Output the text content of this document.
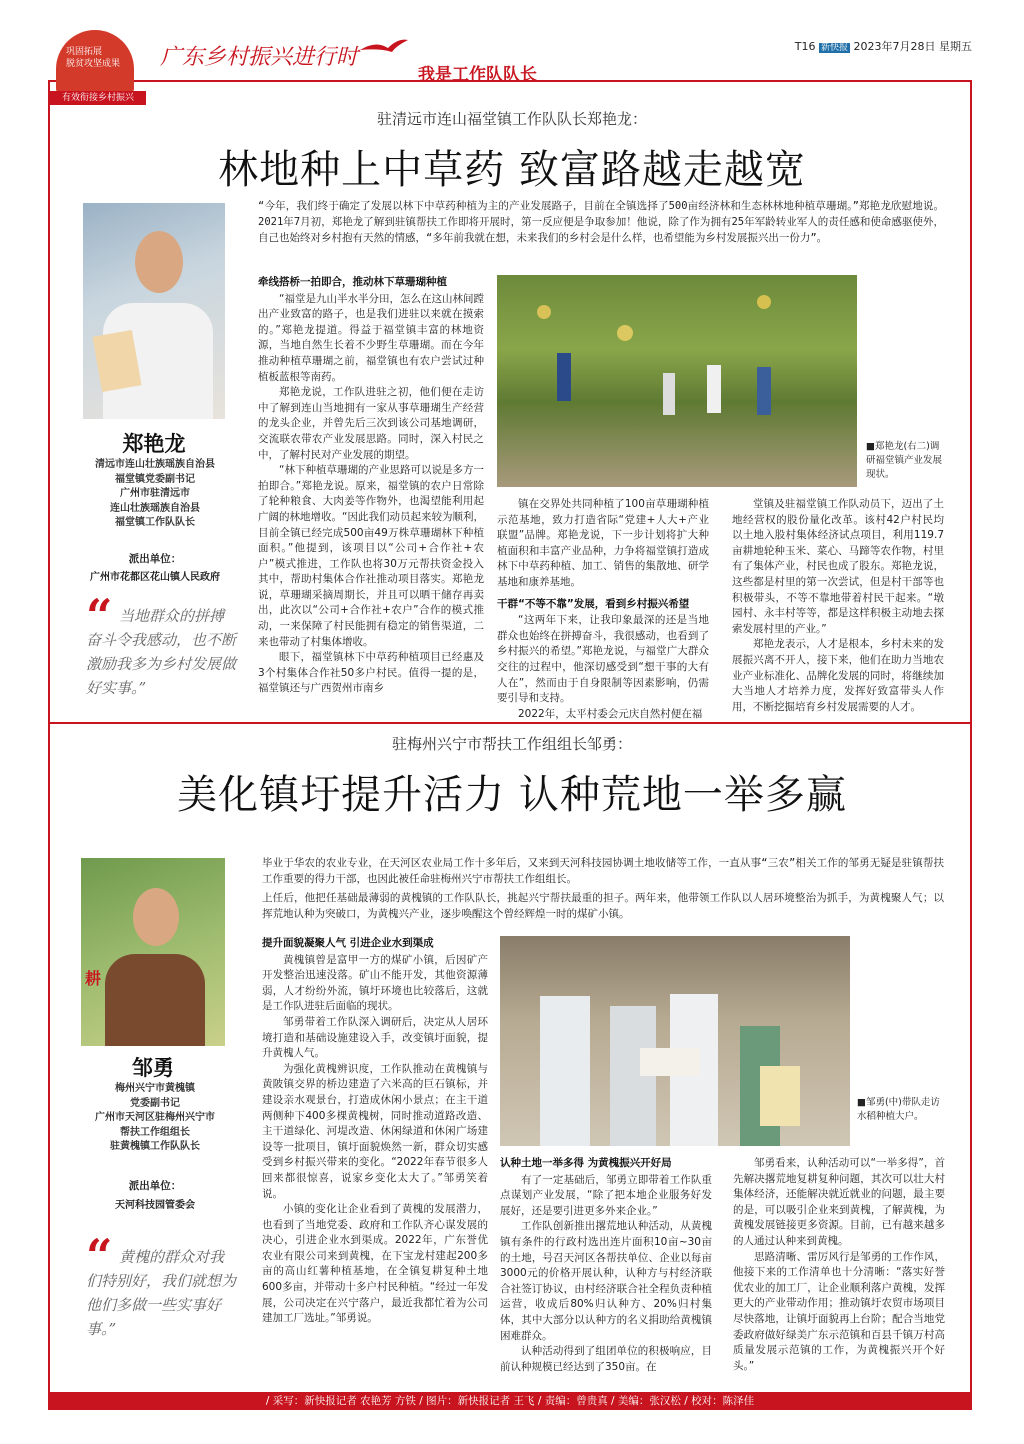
巩固拓展
脱贫攻坚成果
有效衔接乡村振兴
广东乡村振兴进行时
我是工作队队长
T16 新快报 2023年7月28日 星期五
驻清远市连山福堂镇工作队队长郑艳龙：
林地种上中草药 致富路越走越宽
郑艳龙
清远市连山壮族瑶族自治县
福堂镇党委副书记
广州市驻清远市
连山壮族瑶族自治县
福堂镇工作队队长
派出单位：
广州市花都区花山镇人民政府
“ 当地群众的拼搏奋斗令我感动，也不断激励我多为乡村发展做好实事。”
“今年，我们终于确定了发展以林下中草药种植为主的产业发展路子，目前在全镇选择了500亩经济林和生态林林地种植草珊瑚。”郑艳龙欣慰地说。2021年7月初，郑艳龙了解到驻镇帮扶工作即将开展时，第一反应便是争取参加！他说，除了作为拥有25年军龄转业军人的责任感和使命感驱使外，自己也始终对乡村抱有天然的情感，“多年前我就在想，未来我们的乡村会是什么样，也希望能为乡村发展振兴出一份力”。
牵线搭桥一拍即合，推动林下草珊瑚种植

“福堂是九山半水半分田，怎么在这山林间蹚出产业致富的路子，也是我们进驻以来就在摸索的。”郑艳龙提道。得益于福堂镇丰富的林地资源，当地自然生长着不少野生草珊瑚。而在今年推动种植草珊瑚之前，福堂镇也有农户尝试过种植板蓝根等南药。

郑艳龙说，工作队进驻之初，他们便在走访中了解到连山当地拥有一家从事草珊瑚生产经营的龙头企业，并曾先后三次到该公司基地调研，交流联农带农产业发展思路。同时，深入村民之中，了解村民对产业发展的期望。

“林下种植草珊瑚的产业思路可以说是多方一拍即合。”郑艳龙说。原来，福堂镇的农户日常除了轮种粮食、大肉姜等作物外，也渴望能利用起广阔的林地增收。“因此我们动员起来较为顺利，目前全镇已经完成500亩49万株草珊瑚林下种植面积。”他提到，该项目以“公司+合作社+农户”模式推进，工作队也将30万元帮扶资金投入其中，帮助村集体合作社推动项目落实。郑艳龙说，草珊瑚采摘周期长，并且可以晒干储存再卖出，此次以“公司+合作社+农户”合作的模式推动，一来保障了村民能拥有稳定的销售渠道，二来也带动了村集体增收。

眼下，福堂镇林下中草药种植项目已经惠及3个村集体合作社50多户村民。值得一提的是，福堂镇还与广西贺州市南乡

■郑艳龙(右二)调研福堂镇产业发展现状。

镇在交界处共同种植了100亩草珊瑚种植示范基地，致力打造省际“党建+人大+产业联盟”品牌。郑艳龙说，下一步计划将扩大种植面积和丰富产业品种，力争将福堂镇打造成林下中草药种植、加工、销售的集散地、研学基地和康养基地。

干群“不等不靠”发展，看到乡村振兴希望

“这两年下来，让我印象最深的还是当地群众也始终在拼搏奋斗，我很感动，也看到了乡村振兴的希望。”郑艳龙说，与福堂广大群众交往的过程中，他深切感受到“想干事的大有人在”，然而由于自身限制等因素影响，仍需要引导和支持。

2022年，太平村委会元庆自然村便在福

堂镇及驻福堂镇工作队动员下，迈出了土地经营权的股份量化改革。该村42户村民均以土地入股村集体经济试点项目，利用119.7亩耕地轮种玉米、菜心、马蹄等农作物，村里有了集体产业，村民也成了股东。郑艳龙说，这些都是村里的第一次尝试，但是村干部等也积极带头，不等不靠地带着村民干起来。“墩园村、永丰村等等，都是这样积极主动地去探索发展村里的产业。”

郑艳龙表示，人才是根本，乡村未来的发展振兴离不开人，接下来，他们在助力当地农业产业标准化、品牌化发展的同时，将继续加大当地人才培养力度，发挥好致富带头人作用，不断挖掘培育乡村发展需要的人才。

驻梅州兴宁市帮扶工作组组长邹勇：
美化镇圩提升活力 认种荒地一举多赢
耕
邹勇
梅州兴宁市黄槐镇
党委副书记
广州市天河区驻梅州兴宁市
帮扶工作组组长
驻黄槐镇工作队队长
派出单位：
天河科技园管委会
“ 黄槐的群众对我们特别好，我们就想为他们多做一些实事好事。”
毕业于华农的农业专业，在天河区农业局工作十多年后，又来到天河科技园协调土地收储等工作，一直从事“三农”相关工作的邹勇无疑是驻镇帮扶工作重要的得力干部，也因此被任命驻梅州兴宁市帮扶工作组组长。
上任后，他把任基础最薄弱的黄槐镇的工作队队长，挑起兴宁帮扶最重的担子。两年来，他带领工作队以人居环境整治为抓手，为黄槐聚人气；以挥荒地认种为突破口，为黄槐兴产业，逐步唤醒这个曾经辉煌一时的煤矿小镇。
提升面貌凝聚人气 引进企业水到渠成

黄槐镇曾是富甲一方的煤矿小镇，后因矿产开发整治迅速没落。矿山不能开发，其他资源薄弱，人才纷纷外流，镇圩环境也比较落后，这就是工作队进驻后面临的现状。

邹勇带着工作队深入调研后，决定从人居环境打造和基础设施建设入手，改变镇圩面貌，提升黄槐人气。

为强化黄槐辨识度，工作队推动在黄槐镇与黄陂镇交界的桥边建造了六米高的巨石镇标，并建设亲水观景台，打造成休闲小景点；在主干道两侧种下400多棵黄槐树，同时推动道路改造、主干道绿化、河堤改造、休闲绿道和休闲广场建设等一批项目，镇圩面貌焕然一新，群众切实感受到乡村振兴带来的变化。“2022年春节很多人回来都很惊喜，说家乡变化太大了。”邹勇笑着说。

小镇的变化让企业看到了黄槐的发展潜力，也看到了当地党委、政府和工作队齐心谋发展的决心，引进企业水到渠成。2022年，广东誉优农业有限公司来到黄槐，在下宝龙村建起200多亩的高山红薯种植基地，在全镇复耕复种土地600多亩，并带动十多户村民种植。“经过一年发展，公司决定在兴宁落户，最近我都忙着为公司建加工厂选址。”邹勇说。

■邹勇(中)带队走访水稻种植大户。
认种土地一举多得 为黄槐振兴开好局

有了一定基础后，邹勇立即带着工作队重点谋划产业发展，“除了把本地企业服务好发展好，还是要引进更多外来企业。”

工作队创新推出撂荒地认种活动，从黄槐镇有条件的行政村选出连片面积10亩~30亩的土地，号召天河区各帮扶单位、企业以每亩3000元的价格开展认种，认种方与村经济联合社签订协议，由村经济联合社全程负责种植运营，收成后80%归认种方、20%归村集体，其中大部分以认种方的名义捐助给黄槐镇困难群众。

认种活动得到了组团单位的积极响应，目前认种规模已经达到了350亩。在

邹勇看来，认种活动可以“一举多得”，首先解决撂荒地复耕复种问题，其次可以壮大村集体经济，还能解决就近就业的问题，最主要的是，可以吸引企业来到黄槐，了解黄槐，为黄槐发展链接更多资源。目前，已有越来越多的人通过认种来到黄槐。

思路清晰、雷厉风行是邹勇的工作作风，他接下来的工作清单也十分清晰：“落实好誉优农业的加工厂，让企业顺利落户黄槐，发挥更大的产业带动作用；推动镇圩农贸市场项目尽快落地，让镇圩面貌再上台阶；配合当地党委政府做好绿美广东示范镇和百县千镇万村高质量发展示范镇的工作，为黄槐振兴开个好头。”

/ 采写：新快报记者 农艳芳 方铁 / 图片：新快报记者 王飞 / 责编：曾贵真 / 美编：张汉松 / 校对：陈泽佳
